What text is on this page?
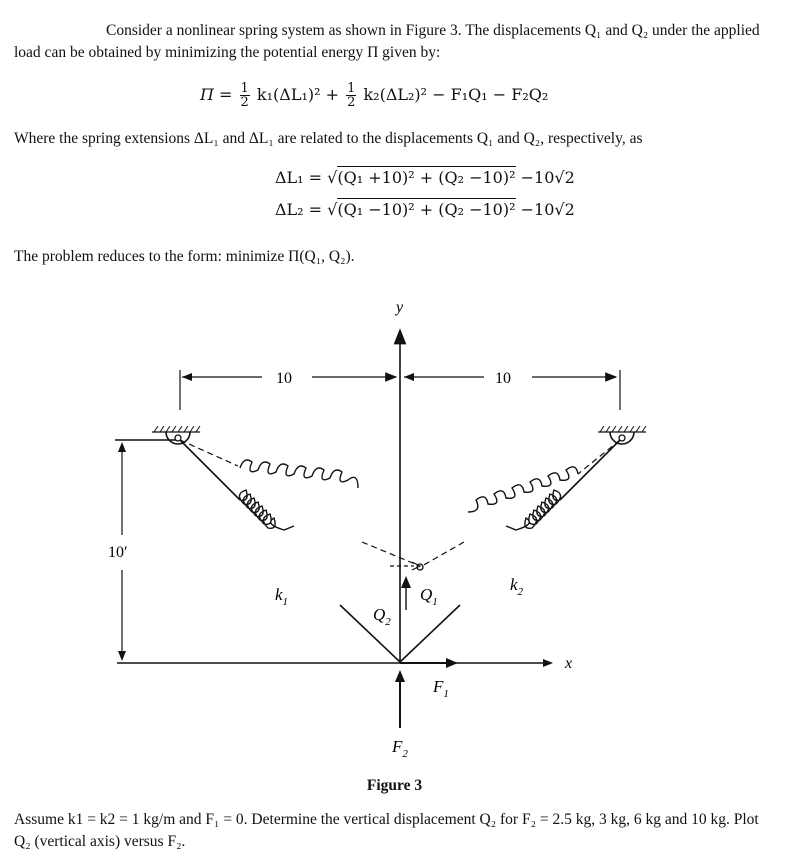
Consider a nonlinear spring system as shown in Figure 3. The displacements Q₁ and Q₂ under the applied load can be obtained by minimizing the potential energy Π given by:
$\Pi = \frac{1}{2} k_1(\Delta L_1)^2 + \frac{1}{2} k_2(\Delta L_2)^2 - F_1Q_1 - F_2Q_2$
Where the spring extensions ΔL₁ and ΔL₁ are related to the displacements Q₁ and Q₂, respectively, as
ΔL₁ = √(Q₁ +10)² + (Q₂ −10)² −10√2
ΔL₂ = √(Q₁ −10)² + (Q₂ −10)² −10√2
The problem reduces to the form: minimize Π(Q₁, Q₂).
y
x
10	10
10′
$k_1$
$k_2$
$Q_1$
$Q_2$
$F_1$
$F_2$
Figure 3
Assume k1 = k2 = 1 kg/m and F₁ = 0. Determine the vertical displacement Q₂ for F₂ = 2.5 kg, 3 kg, 6 kg and 10 kg. Plot Q₂ (vertical axis) versus F₂.
